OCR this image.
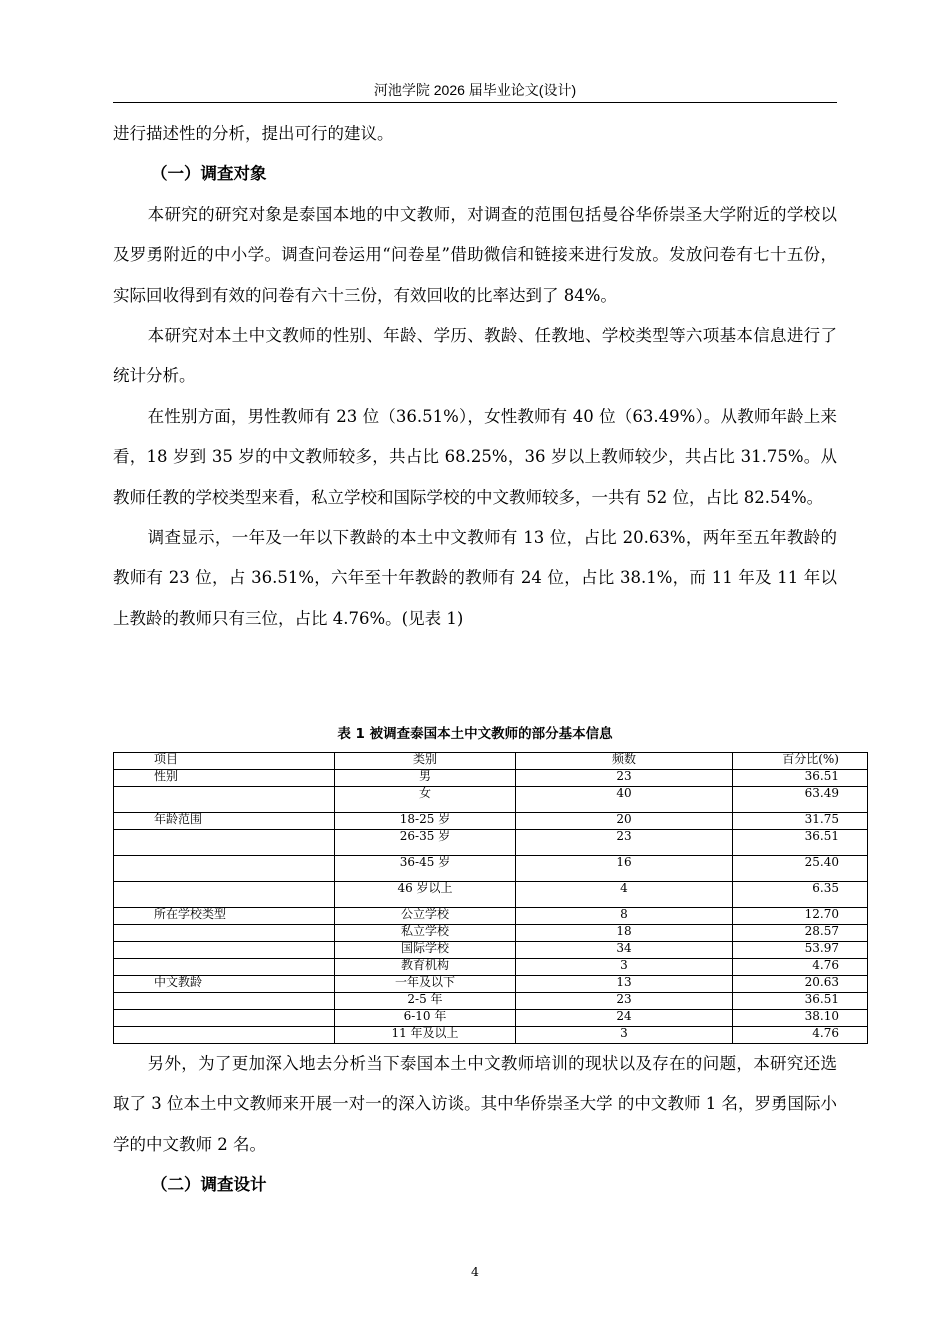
河池学院 2026 届毕业论文(设计)

进行描述性的分析，提出可行的建议。

（一）调查对象

本研究的研究对象是泰国本地的中文教师，对调查的范围包括曼谷华侨崇圣大学附近的学校以及罗勇附近的中小学。调查问卷运用“问卷星”借助微信和链接来进行发放。发放问卷有七十五份，实际回收得到有效的问卷有六十三份，有效回收的比率达到了 84%。

本研究对本土中文教师的性别、年龄、学历、教龄、任教地、学校类型等六项基本信息进行了统计分析。

在性别方面，男性教师有 23 位（36.51%），女性教师有 40 位（63.49%）。从教师年龄上来看，18 岁到 35 岁的中文教师较多，共占比 68.25%，36 岁以上教师较少，共占比 31.75%。从教师任教的学校类型来看，私立学校和国际学校的中文教师较多，一共有 52 位，占比 82.54%。

调查显示，一年及一年以下教龄的本土中文教师有 13 位，占比 20.63%，两年至五年教龄的教师有 23 位，占 36.51%，六年至十年教龄的教师有 24 位，占比 38.1%，而 11 年及 11 年以上教龄的教师只有三位，占比 4.76%。(见表 1)

表 1 被调查泰国本土中文教师的部分基本信息
项目	类别	频数	百分比(%)
性别	男	23	36.51
	女	40	63.49
年龄范围	18-25 岁	20	31.75
	26-35 岁	23	36.51
	36-45 岁	16	25.40
	46 岁以上	4	6.35
所在学校类型	公立学校	8	12.70
	私立学校	18	28.57
	国际学校	34	53.97
	教育机构	3	4.76
中文教龄	一年及以下	13	20.63
	2-5 年	23	36.51
	6-10 年	24	38.10
	11 年及以上	3	4.76

另外，为了更加深入地去分析当下泰国本土中文教师培训的现状以及存在的问题，本研究还选取了 3 位本土中文教师来开展一对一的深入访谈。其中华侨崇圣大学 的中文教师 1 名，罗勇国际小学的中文教师 2 名。

（二）调查设计

4
